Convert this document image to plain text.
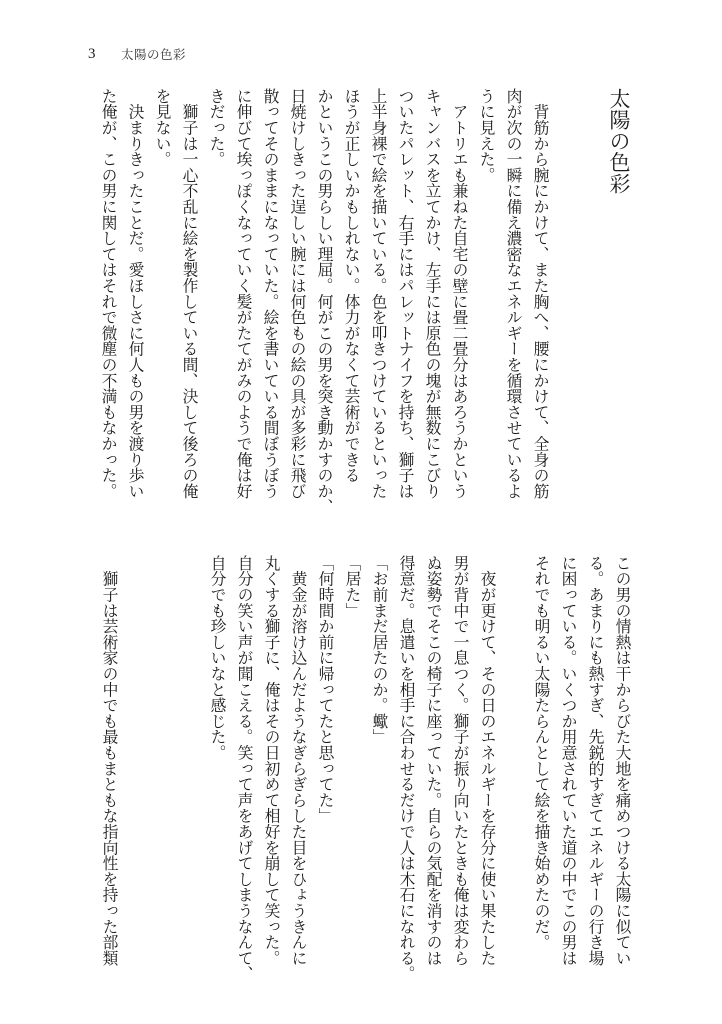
3 太陽の色彩
太陽の色彩
　背筋から腕にかけて、また胸へ、腰にかけて、全身の筋
肉が次の一瞬に備え濃密なエネルギーを循環させているよ
うに見えた。
　アトリエも兼ねた自宅の壁に畳二畳分はあろうかという
キャンバスを立てかけ、左手には原色の塊が無数にこびり
ついたパレット、右手にはパレットナイフを持ち、獅子は
上半身裸で絵を描いている。色を叩きつけているといった
ほうが正しいかもしれない。体力がなくて芸術ができる
かというこの男らしい理屈。何がこの男を突き動かすのか、
日焼けしきった逞しい腕には何色もの絵の具が多彩に飛び
散ってそのままになっていた。絵を書いている間ぼうぼう
に伸びて埃っぽくなっていく髪がたてがみのようで俺は好
きだった。
　獅子は一心不乱に絵を製作している間、決して後ろの俺
を見ない。
　決まりきったことだ。愛ほしさに何人もの男を渡り歩い
た俺が、この男に関してはそれで微塵の不満もなかった。
この男の情熱は干からびた大地を痛めつける太陽に似てい
る。あまりにも熱すぎ、先鋭的すぎてエネルギーの行き場
に困っている。いくつか用意されていた道の中でこの男は
それでも明るい太陽たらんとして絵を描き始めたのだ。
　夜が更けて、その日のエネルギーを存分に使い果たした
男が背中で一息つく。獅子が振り向いたときも俺は変わら
ぬ姿勢でそこの椅子に座っていた。自らの気配を消すのは
得意だ。息遣いを相手に合わせるだけで人は木石になれる。
「お前まだ居たのか。蠍」
「居た」
「何時間か前に帰ってたと思ってた」
　黄金が溶け込んだようなぎらぎらした目をひょうきんに
丸くする獅子に、俺はその日初めて相好を崩して笑った。
自分の笑い声が聞こえる。笑って声をあげてしまうなんて、
自分でも珍しいなと感じた。
　獅子は芸術家の中でも最もまともな指向性を持った部類
